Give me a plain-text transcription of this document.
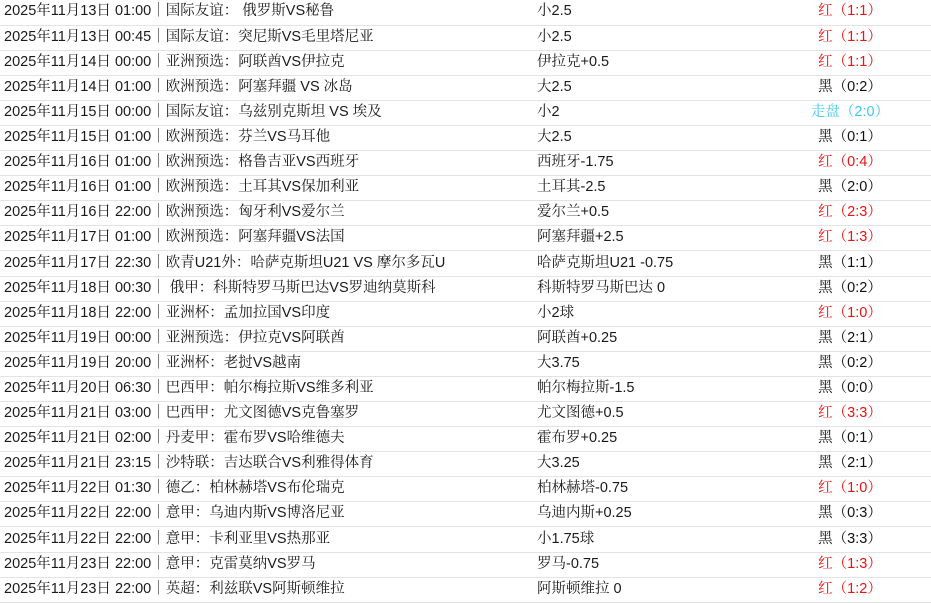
2025年11月13日 01:00｜国际友谊： 俄罗斯VS秘鲁	小2.5	红（1:1）
2025年11月13日 00:45｜国际友谊：突尼斯VS毛里塔尼亚	小2.5	红（1:1）
2025年11月14日 00:00｜亚洲预选：阿联酋VS伊拉克	伊拉克+0.5	红（1:1）
2025年11月14日 01:00｜欧洲预选：阿塞拜疆 VS 冰岛	大2.5	黑（0:2）
2025年11月15日 00:00｜国际友谊：乌兹别克斯坦 VS 埃及	小2	走盘（2:0）
2025年11月15日 01:00｜欧洲预选：芬兰VS马耳他	大2.5	黑（0:1）
2025年11月16日 01:00｜欧洲预选：格鲁吉亚VS西班牙	西班牙-1.75	红（0:4）
2025年11月16日 01:00｜欧洲预选：土耳其VS保加利亚	土耳其-2.5	黑（2:0）
2025年11月16日 22:00｜欧洲预选：匈牙利VS爱尔兰	爱尔兰+0.5	红（2:3）
2025年11月17日 01:00｜欧洲预选：阿塞拜疆VS法国	阿塞拜疆+2.5	红（1:3）
2025年11月17日 22:30｜欧青U21外：哈萨克斯坦U21 VS 摩尔多瓦U	哈萨克斯坦U21 -0.75	黑（1:1）
2025年11月18日 00:30｜ 俄甲：科斯特罗马斯巴达VS罗迪纳莫斯科	科斯特罗马斯巴达 0	黑（0:2）
2025年11月18日 22:00｜亚洲杯：孟加拉国VS印度	小2球	红（1:0）
2025年11月19日 00:00｜亚洲预选：伊拉克VS阿联酋	阿联酋+0.25	黑（2:1）
2025年11月19日 20:00｜亚洲杯：老挝VS越南	大3.75	黑（0:2）
2025年11月20日 06:30｜巴西甲：帕尔梅拉斯VS维多利亚	帕尔梅拉斯-1.5	黑（0:0）
2025年11月21日 03:00｜巴西甲：尤文图德VS克鲁塞罗	尤文图德+0.5	红（3:3）
2025年11月21日 02:00｜丹麦甲：霍布罗VS哈维德夫	霍布罗+0.25	黑（0:1）
2025年11月21日 23:15｜沙特联：吉达联合VS利雅得体育	大3.25	黑（2:1）
2025年11月22日 01:30｜德乙：柏林赫塔VS布伦瑞克	柏林赫塔-0.75	红（1:0）
2025年11月22日 22:00｜意甲：乌迪内斯VS博洛尼亚	乌迪内斯+0.25	黑（0:3）
2025年11月22日 22:00｜意甲：卡利亚里VS热那亚	小1.75球	黑（3:3）
2025年11月23日 22:00｜意甲：克雷莫纳VS罗马	罗马-0.75	红（1:3）
2025年11月23日 22:00｜英超：利兹联VS阿斯顿维拉	阿斯顿维拉 0	红（1:2）
